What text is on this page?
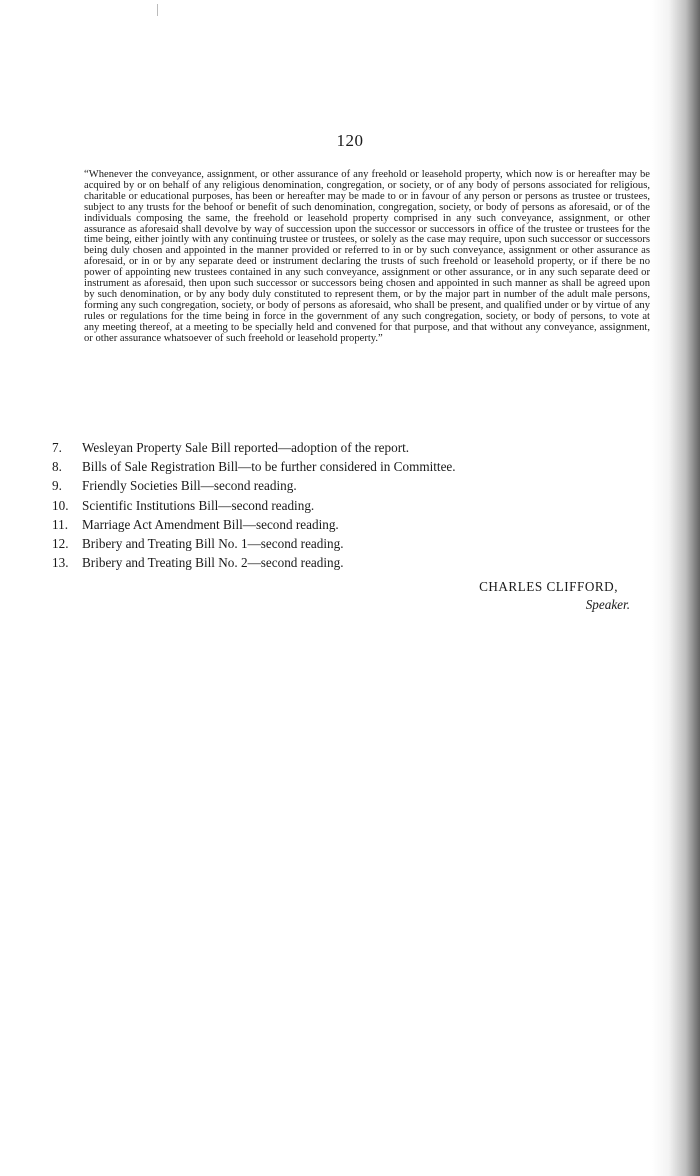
120

“Whenever the conveyance, assignment, or other assurance of any freehold or leasehold property, which now is or hereafter may be acquired by or on behalf of any religious denomination, congregation, or society, or of any body of persons associated for religious, charitable or educational purposes, has been or hereafter may be made to or in favour of any person or persons as trustee or trustees, subject to any trusts for the behoof or benefit of such denomination, congregation, society, or body of persons as aforesaid, or of the individuals composing the same, the freehold or leasehold property comprised in any such conveyance, assignment, or other assurance as aforesaid shall devolve by way of succession upon the successor or successors in office of the trustee or trustees for the time being, either jointly with any continuing trustee or trustees, or solely as the case may require, upon such successor or successors being duly chosen and appointed in the manner provided or referred to in or by such conveyance, assignment or other assurance as aforesaid, or in or by any separate deed or instrument declaring the trusts of such freehold or leasehold property, or if there be no power of appointing new trustees contained in any such conveyance, assignment or other assurance, or in any such separate deed or instrument as aforesaid, then upon such successor or successors being chosen and appointed in such manner as shall be agreed upon by such denomination, or by any body duly constituted to represent them, or by the major part in number of the adult male persons, forming any such congregation, society, or body of persons as aforesaid, who shall be present, and qualified under or by virtue of any rules or regulations for the time being in force in the government of any such congregation, society, or body of persons, to vote at any meeting thereof, at a meeting to be specially held and convened for that purpose, and that without any conveyance, assignment, or other assurance whatsoever of such freehold or leasehold property.”

7.	Wesleyan Property Sale Bill reported—adoption of the report.
8.	Bills of Sale Registration Bill—to be further considered in Committee.
9.	Friendly Societies Bill—second reading.
10.	Scientific Institutions Bill—second reading.
11.	Marriage Act Amendment Bill—second reading.
12.	Bribery and Treating Bill No. 1—second reading.
13.	Bribery and Treating Bill No. 2—second reading.
CHARLES CLIFFORD,
Speaker.
